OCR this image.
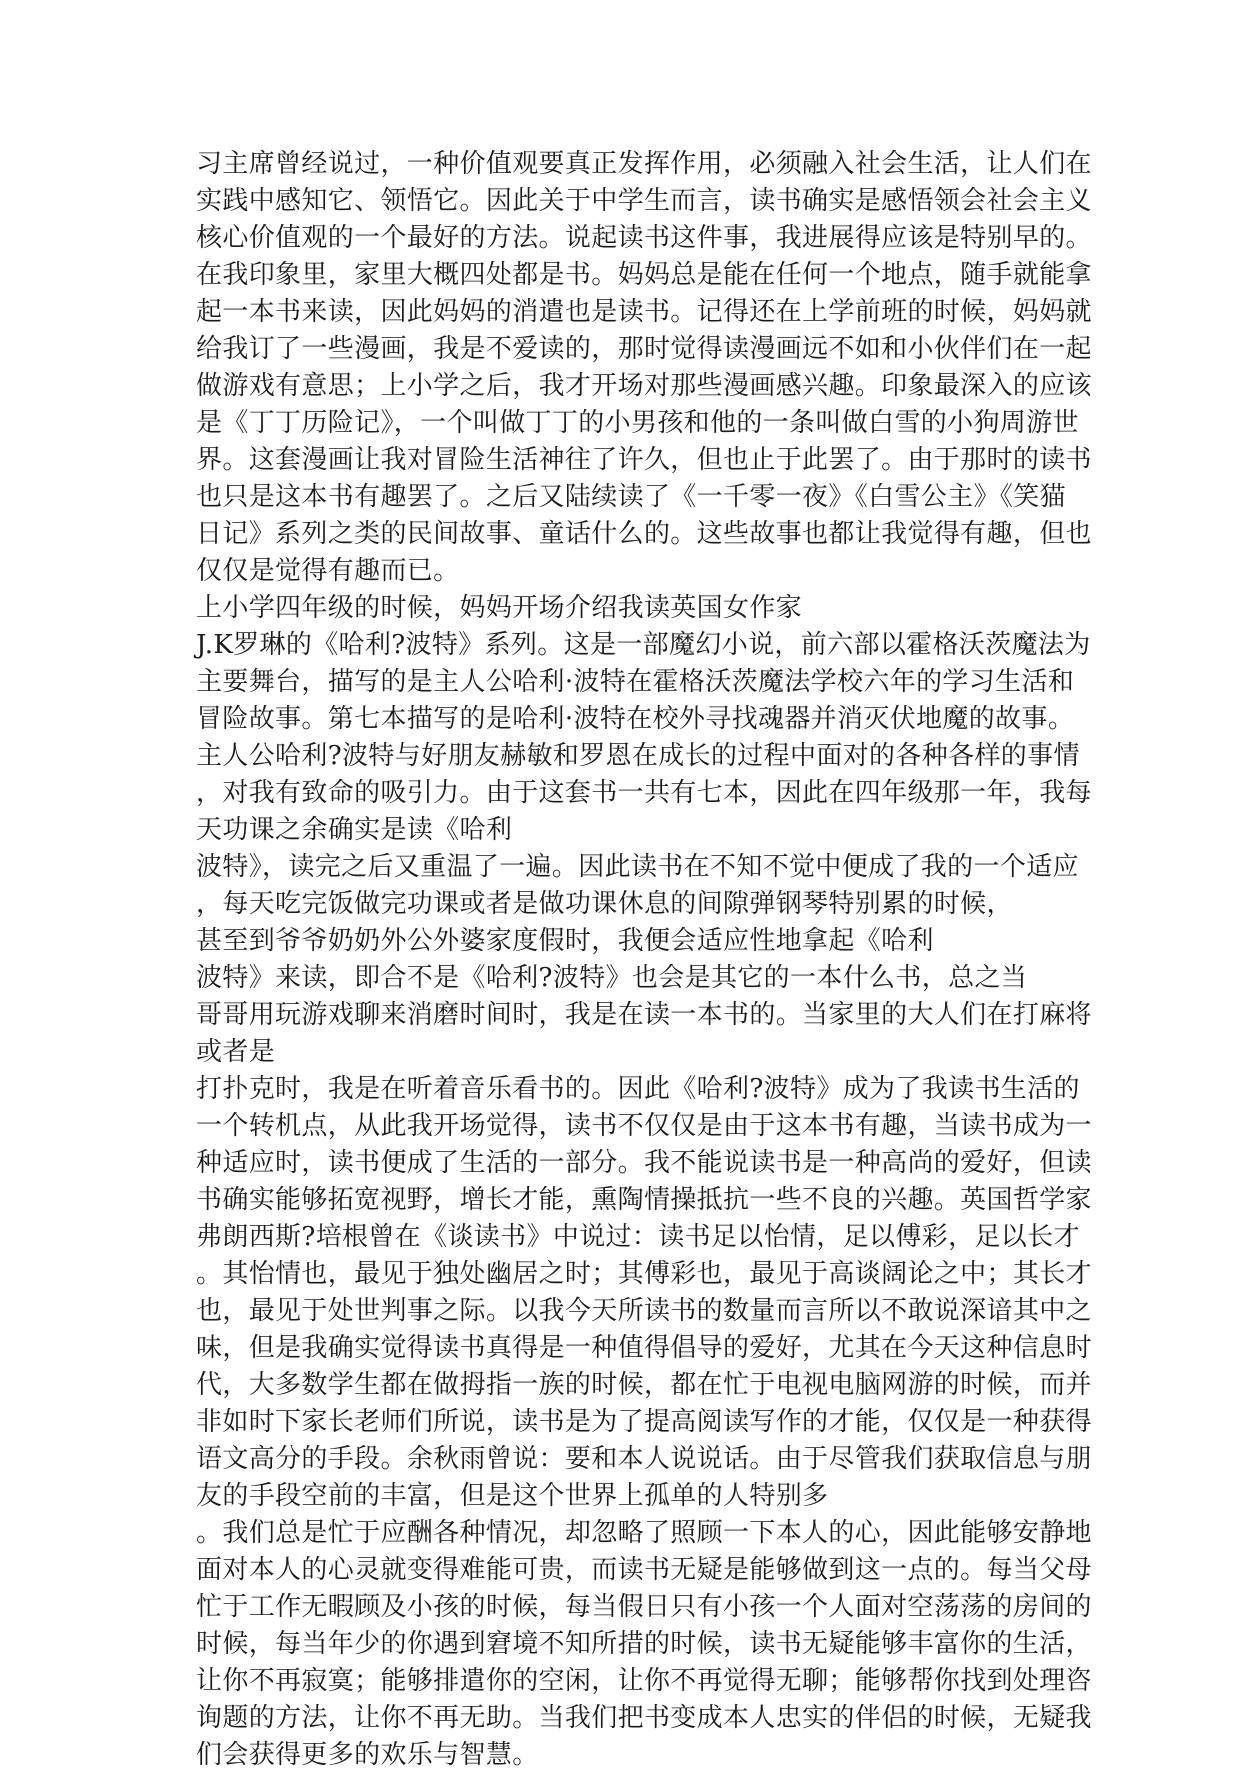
习主席曾经说过，一种价值观要真正发挥作用，必须融入社会生活，让人们在
实践中感知它、领悟它。因此关于中学生而言，读书确实是感悟领会社会主义
核心价值观的一个最好的方法。说起读书这件事，我进展得应该是特别早的。
在我印象里，家里大概四处都是书。妈妈总是能在任何一个地点，随手就能拿
起一本书来读，因此妈妈的消遣也是读书。记得还在上学前班的时候，妈妈就
给我订了一些漫画，我是不爱读的，那时觉得读漫画远不如和小伙伴们在一起
做游戏有意思；上小学之后，我才开场对那些漫画感兴趣。印象最深入的应该
是《丁丁历险记》，一个叫做丁丁的小男孩和他的一条叫做白雪的小狗周游世
界。这套漫画让我对冒险生活神往了许久，但也止于此罢了。由于那时的读书
也只是这本书有趣罢了。之后又陆续读了《一千零一夜》《白雪公主》《笑猫
日记》系列之类的民间故事、童话什么的。这些故事也都让我觉得有趣，但也
仅仅是觉得有趣而已。
上小学四年级的时候，妈妈开场介绍我读英国女作家
J.K罗琳的《哈利?波特》系列。这是一部魔幻小说，前六部以霍格沃茨魔法为
主要舞台，描写的是主人公哈利·波特在霍格沃茨魔法学校六年的学习生活和
冒险故事。第七本描写的是哈利·波特在校外寻找魂器并消灭伏地魔的故事。
主人公哈利?波特与好朋友赫敏和罗恩在成长的过程中面对的各种各样的事情
，对我有致命的吸引力。由于这套书一共有七本，因此在四年级那一年，我每
天功课之余确实是读《哈利
波特》，读完之后又重温了一遍。因此读书在不知不觉中便成了我的一个适应
，每天吃完饭做完功课或者是做功课休息的间隙弹钢琴特别累的时候，
甚至到爷爷奶奶外公外婆家度假时，我便会适应性地拿起《哈利
波特》来读，即合不是《哈利?波特》也会是其它的一本什么书，总之当
哥哥用玩游戏聊来消磨时间时，我是在读一本书的。当家里的大人们在打麻将
或者是
打扑克时，我是在听着音乐看书的。因此《哈利?波特》成为了我读书生活的
一个转机点，从此我开场觉得，读书不仅仅是由于这本书有趣，当读书成为一
种适应时，读书便成了生活的一部分。我不能说读书是一种高尚的爱好，但读
书确实能够拓宽视野，增长才能，熏陶情操抵抗一些不良的兴趣。英国哲学家
弗朗西斯?培根曾在《谈读书》中说过：读书足以怡情，足以傅彩，足以长才
。其怡情也，最见于独处幽居之时；其傅彩也，最见于高谈阔论之中；其长才
也，最见于处世判事之际。以我今天所读书的数量而言所以不敢说深谙其中之
味，但是我确实觉得读书真得是一种值得倡导的爱好，尤其在今天这种信息时
代，大多数学生都在做拇指一族的时候，都在忙于电视电脑网游的时候，而并
非如时下家长老师们所说，读书是为了提高阅读写作的才能，仅仅是一种获得
语文高分的手段。余秋雨曾说：要和本人说说话。由于尽管我们获取信息与朋
友的手段空前的丰富，但是这个世界上孤单的人特别多
。我们总是忙于应酬各种情况，却忽略了照顾一下本人的心，因此能够安静地
面对本人的心灵就变得难能可贵，而读书无疑是能够做到这一点的。每当父母
忙于工作无暇顾及小孩的时候，每当假日只有小孩一个人面对空荡荡的房间的
时候，每当年少的你遇到窘境不知所措的时候，读书无疑能够丰富你的生活，
让你不再寂寞；能够排遣你的空闲，让你不再觉得无聊；能够帮你找到处理咨
询题的方法，让你不再无助。当我们把书变成本人忠实的伴侣的时候，无疑我
们会获得更多的欢乐与智慧。
